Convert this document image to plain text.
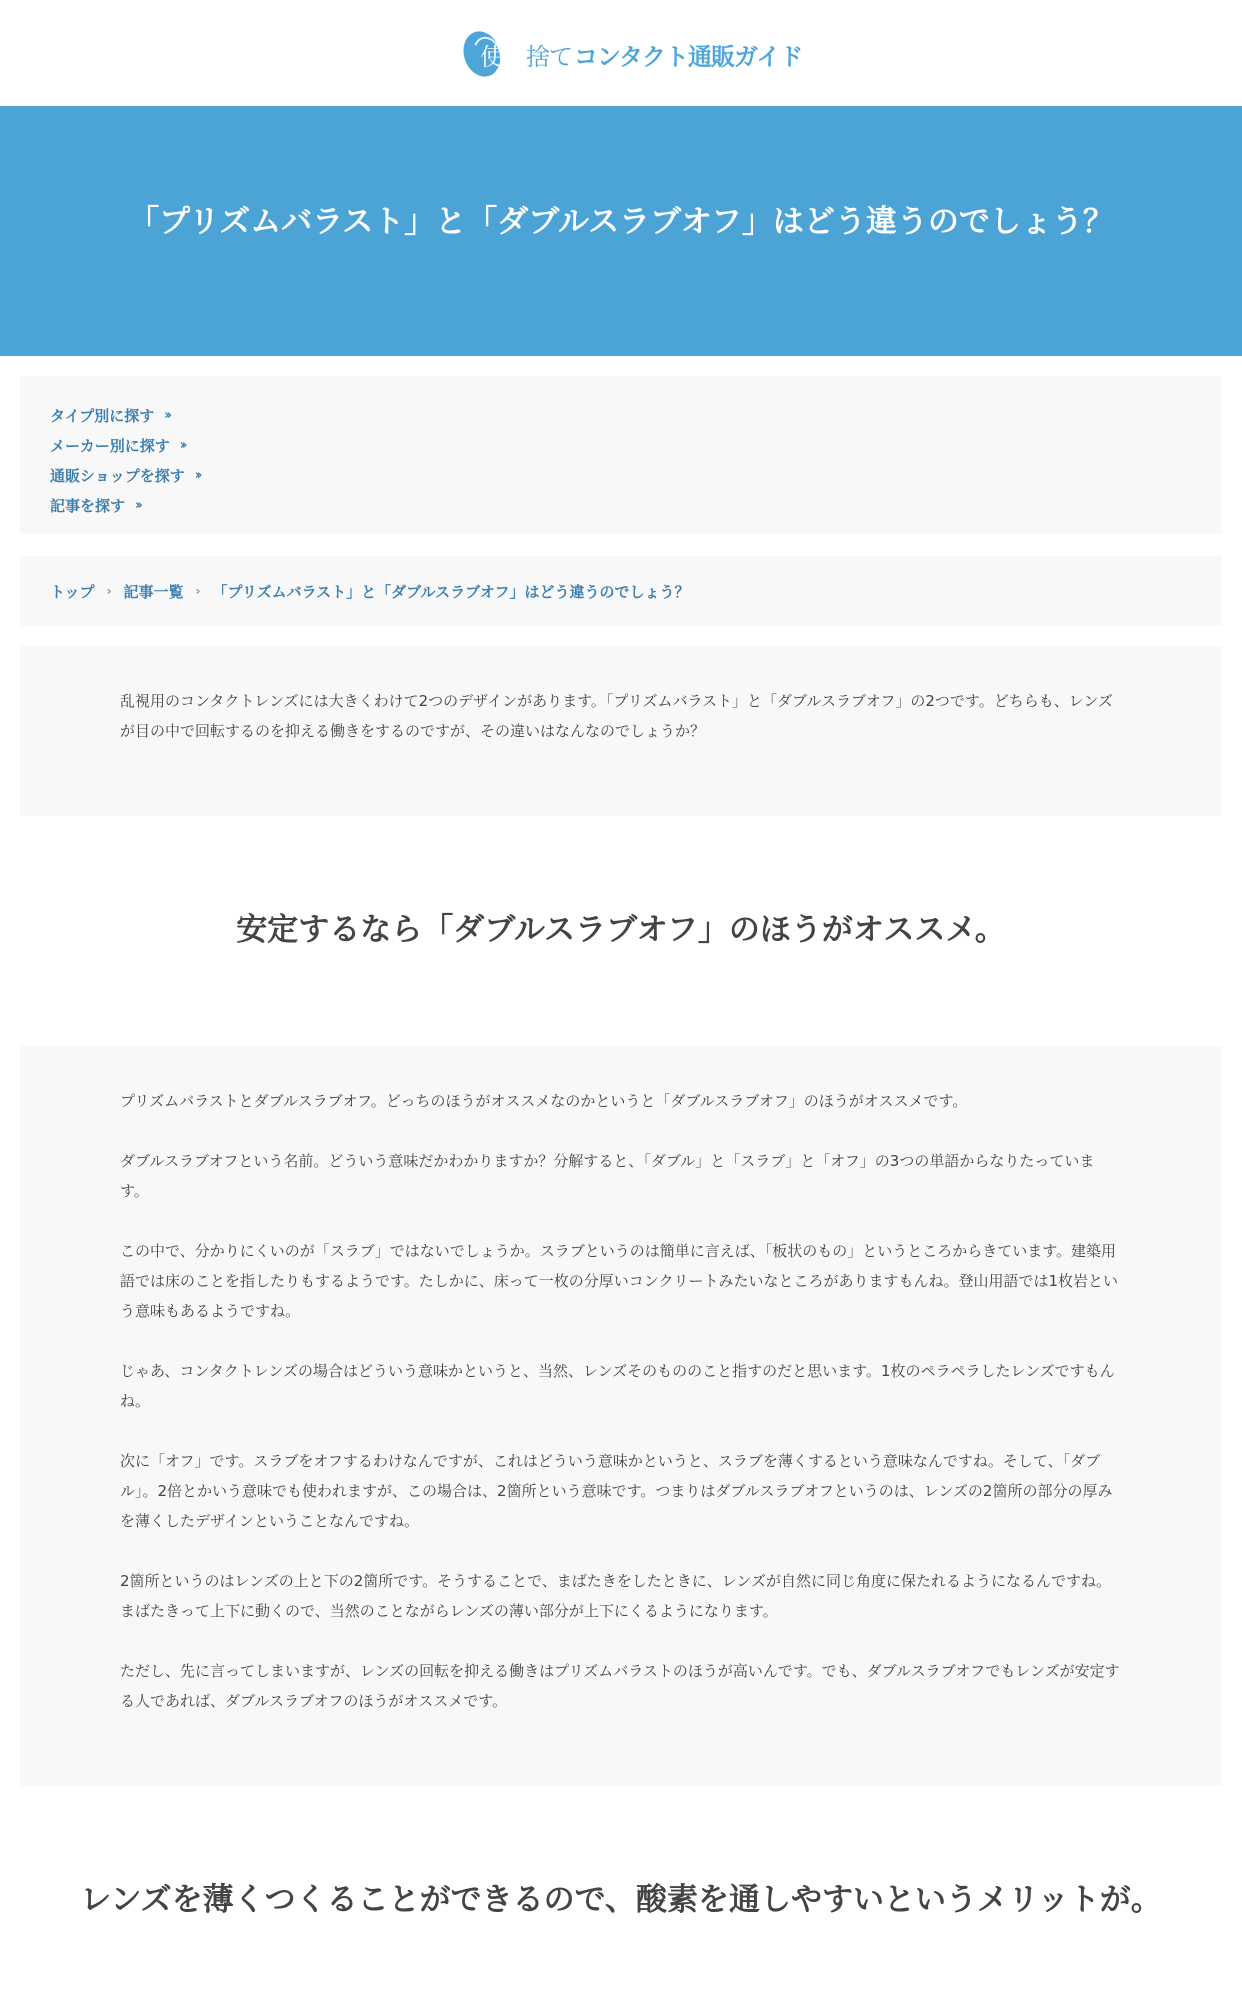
使い 捨て コンタクト通販ガイド
「プリズムバラスト」と「ダブルスラブオフ」はどう違うのでしょう？
タイプ別に探す ››
メーカー別に探す ››
通販ショップを探す ››
記事を探す ››
トップ › 記事一覧 › 「プリズムバラスト」と「ダブルスラブオフ」はどう違うのでしょう？

乱視用のコンタクトレンズには大きくわけて2つのデザインがあります。「プリズムバラスト」と「ダブルスラブオフ」の2つです。どちらも、レンズが目の中で回転するのを抑える働きをするのですが、その違いはなんなのでしょうか？

安定するなら「ダブルスラブオフ」のほうがオススメ。

プリズムバラストとダブルスラブオフ。どっちのほうがオススメなのかというと「ダブルスラブオフ」のほうがオススメです。

ダブルスラブオフという名前。どういう意味だかわかりますか？分解すると、「ダブル」と「スラブ」と「オフ」の3つの単語からなりたっています。

この中で、分かりにくいのが「スラブ」ではないでしょうか。スラブというのは簡単に言えば、「板状のもの」というところからきています。建築用語では床のことを指したりもするようです。たしかに、床って一枚の分厚いコンクリートみたいなところがありますもんね。登山用語では1枚岩という意味もあるようですね。

じゃあ、コンタクトレンズの場合はどういう意味かというと、当然、レンズそのもののこと指すのだと思います。1枚のペラペラしたレンズですもんね。

次に「オフ」です。スラブをオフするわけなんですが、これはどういう意味かというと、スラブを薄くするという意味なんですね。そして、「ダブル」。2倍とかいう意味でも使われますが、この場合は、2箇所という意味です。つまりはダブルスラブオフというのは、レンズの2箇所の部分の厚みを薄くしたデザインということなんですね。

2箇所というのはレンズの上と下の2箇所です。そうすることで、まばたきをしたときに、レンズが自然に同じ角度に保たれるようになるんですね。まばたきって上下に動くので、当然のことながらレンズの薄い部分が上下にくるようになります。

ただし、先に言ってしまいますが、レンズの回転を抑える働きはプリズムバラストのほうが高いんです。でも、ダブルスラブオフでもレンズが安定する人であれば、ダブルスラブオフのほうがオススメです。

レンズを薄くつくることができるので、酸素を通しやすいというメリットが。
